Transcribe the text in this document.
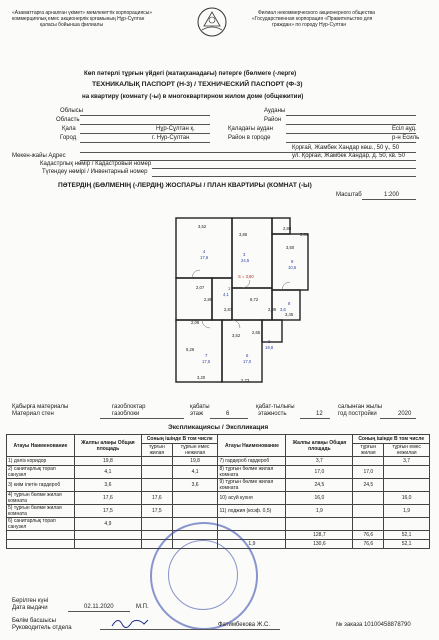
«Азаматтарға арналған үкімет» мемлекеттік корпорациясы»
коммерциялық емес акционерлік қоғамының Нұр-Сұлтан
қаласы бойынша филиалы
Филиал некоммерческого акционерного общества
«Государственная корпорация «Правительство для
граждан» по городу Нур-Султан
Көп пәтерлі тұрғын үйдегі (жатақханадағы) пәтерге (бөлмеге (-лерге)
ТЕХНИКАЛЫҚ ПАСПОРТ (Н-3) / ТЕХНИЧЕСКИЙ ПАСПОРТ (Ф-3)
на квартиру (комнату (-ы) в многоквартирном жилом доме (общежитии)
Облысы	Ауданы
Область	Район
Қала	Нұр-Сұлтан қ.	Қаладағы аудан	Есіл ауд.
Город	г. Нур-Султан	Район в городе	р-н Есиль
Қорғай, Жамбек Хандар көш., 50 у., 50
Мекен-жайы Адрес	ул. Қорғай, Жамбек Хандар, д. 50, кв. 50
Кадастрлық нөмір / Кадастровый номер
Түгендеу нөмірі / Инвентарный номер
ПӘТЕРДІҢ (БӨЛМЕНІҢ (-ЛЕРДІҢ) ЖОСПАРЫ / ПЛАН КВАРТИРЫ (КОМНАТ (-Ы)
Масштаб	1:200
3,52
3,86
2,80
3,03
3,50
2,07
2,86
2,87
8,72
2,89
3,45
2,06
2,65
5,26
3,52
3,20
2,73
4
17,6
3
24,5
S = 3,60
9
10,6
1
4,1
8
3,6
7
17,5
6
17,0
2
19,8
Қабырға материалы
Материал стен
газоблоктар
газоблоки
қабаты
этаж	6
қабат-тылығы
этажность	12
салынған жылы
год постройки	2020
Экспликациясы / Экспликация
Атауы Наименование	Жалпы алаңы Общая площадь	Соның ішінде В том числе		Атауы Наименование	Жалпы алаңы Общая площадь	Соның ішінде В том числе	
		тұрғын жилая	тұрғын емес нежилая			тұрғын жилая	тұрғын емес нежилая
1) дәліз коридор	19,8		19,8	7) гардероб гардероб	3,7		3,7
2) санитарлық торап санузел	4,1		4,1	8) тұрғын бөлме жилая комната	17,0	17,0	
3) киім ілетін гардероб	3,6		3,6	9) тұрғын бөлме жилая комната	24,5	24,5	
4) тұрғын бөлме жилая комната	17,6	17,6		10) асүй кухня	16,0		16,0
5) тұрғын бөлме жилая комната	17,5	17,5		11) лоджия (коэф. 0,5)	1,9		1,9
6) санитарлық торап санузел	4,9						
					128,7	76,6	52,1
				1,9	130,6	76,6	52,1
Берілген күні
Дата выдачи	02.11.2020	М.П.
Бөлім басшысы
Руководитель отдела	Фатимбекова Ж.С.	№ заказа 10100458878790
